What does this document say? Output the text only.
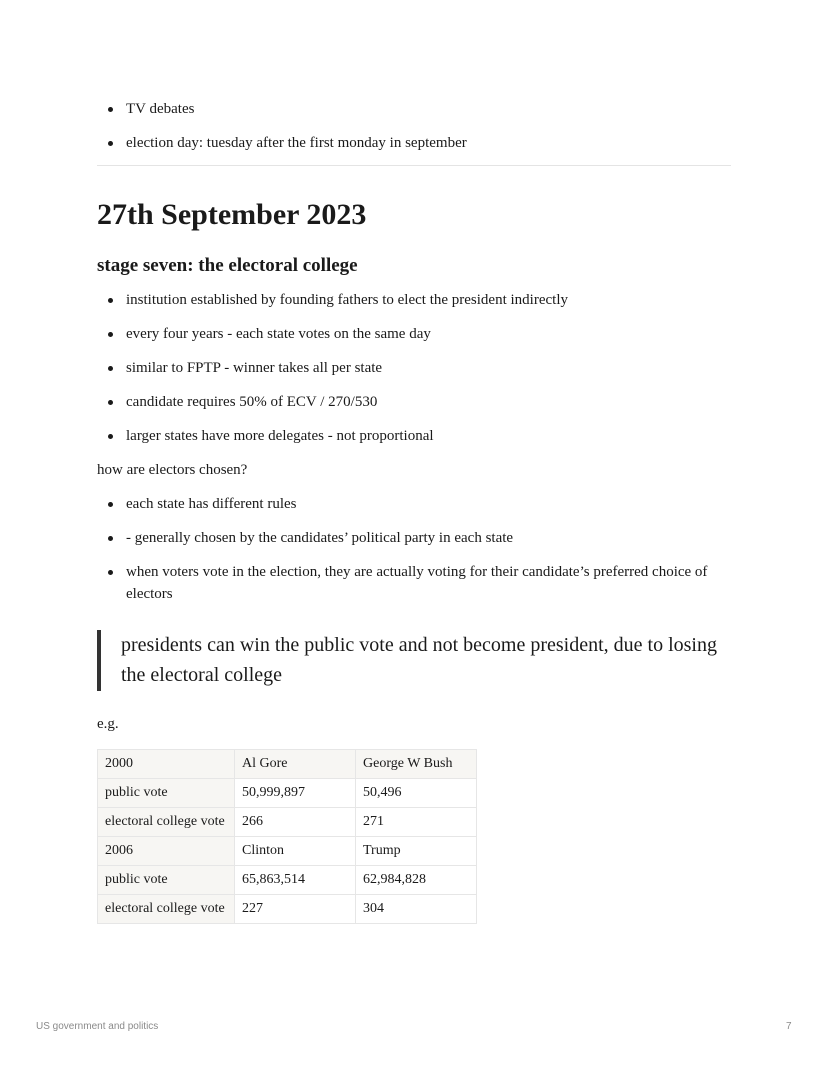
TV debates
election day: tuesday after the first monday in september
27th September 2023
stage seven: the electoral college
institution established by founding fathers to elect the president indirectly
every four years - each state votes on the same day
similar to FPTP - winner takes all per state
candidate requires 50% of ECV / 270/530
larger states have more delegates - not proportional

how are electors chosen?

each state has different rules
- generally chosen by the candidates’ political party in each state
when voters vote in the election, they are actually voting for their candidate’s preferred choice of electors
presidents can win the public vote and not become president, due to losing the electoral college

e.g.

2000	Al Gore	George W Bush
public vote	50,999,897	50,496
electoral college vote	266	271
2006	Clinton	Trump
public vote	65,863,514	62,984,828
electoral college vote	227	304
US government and politics	7
